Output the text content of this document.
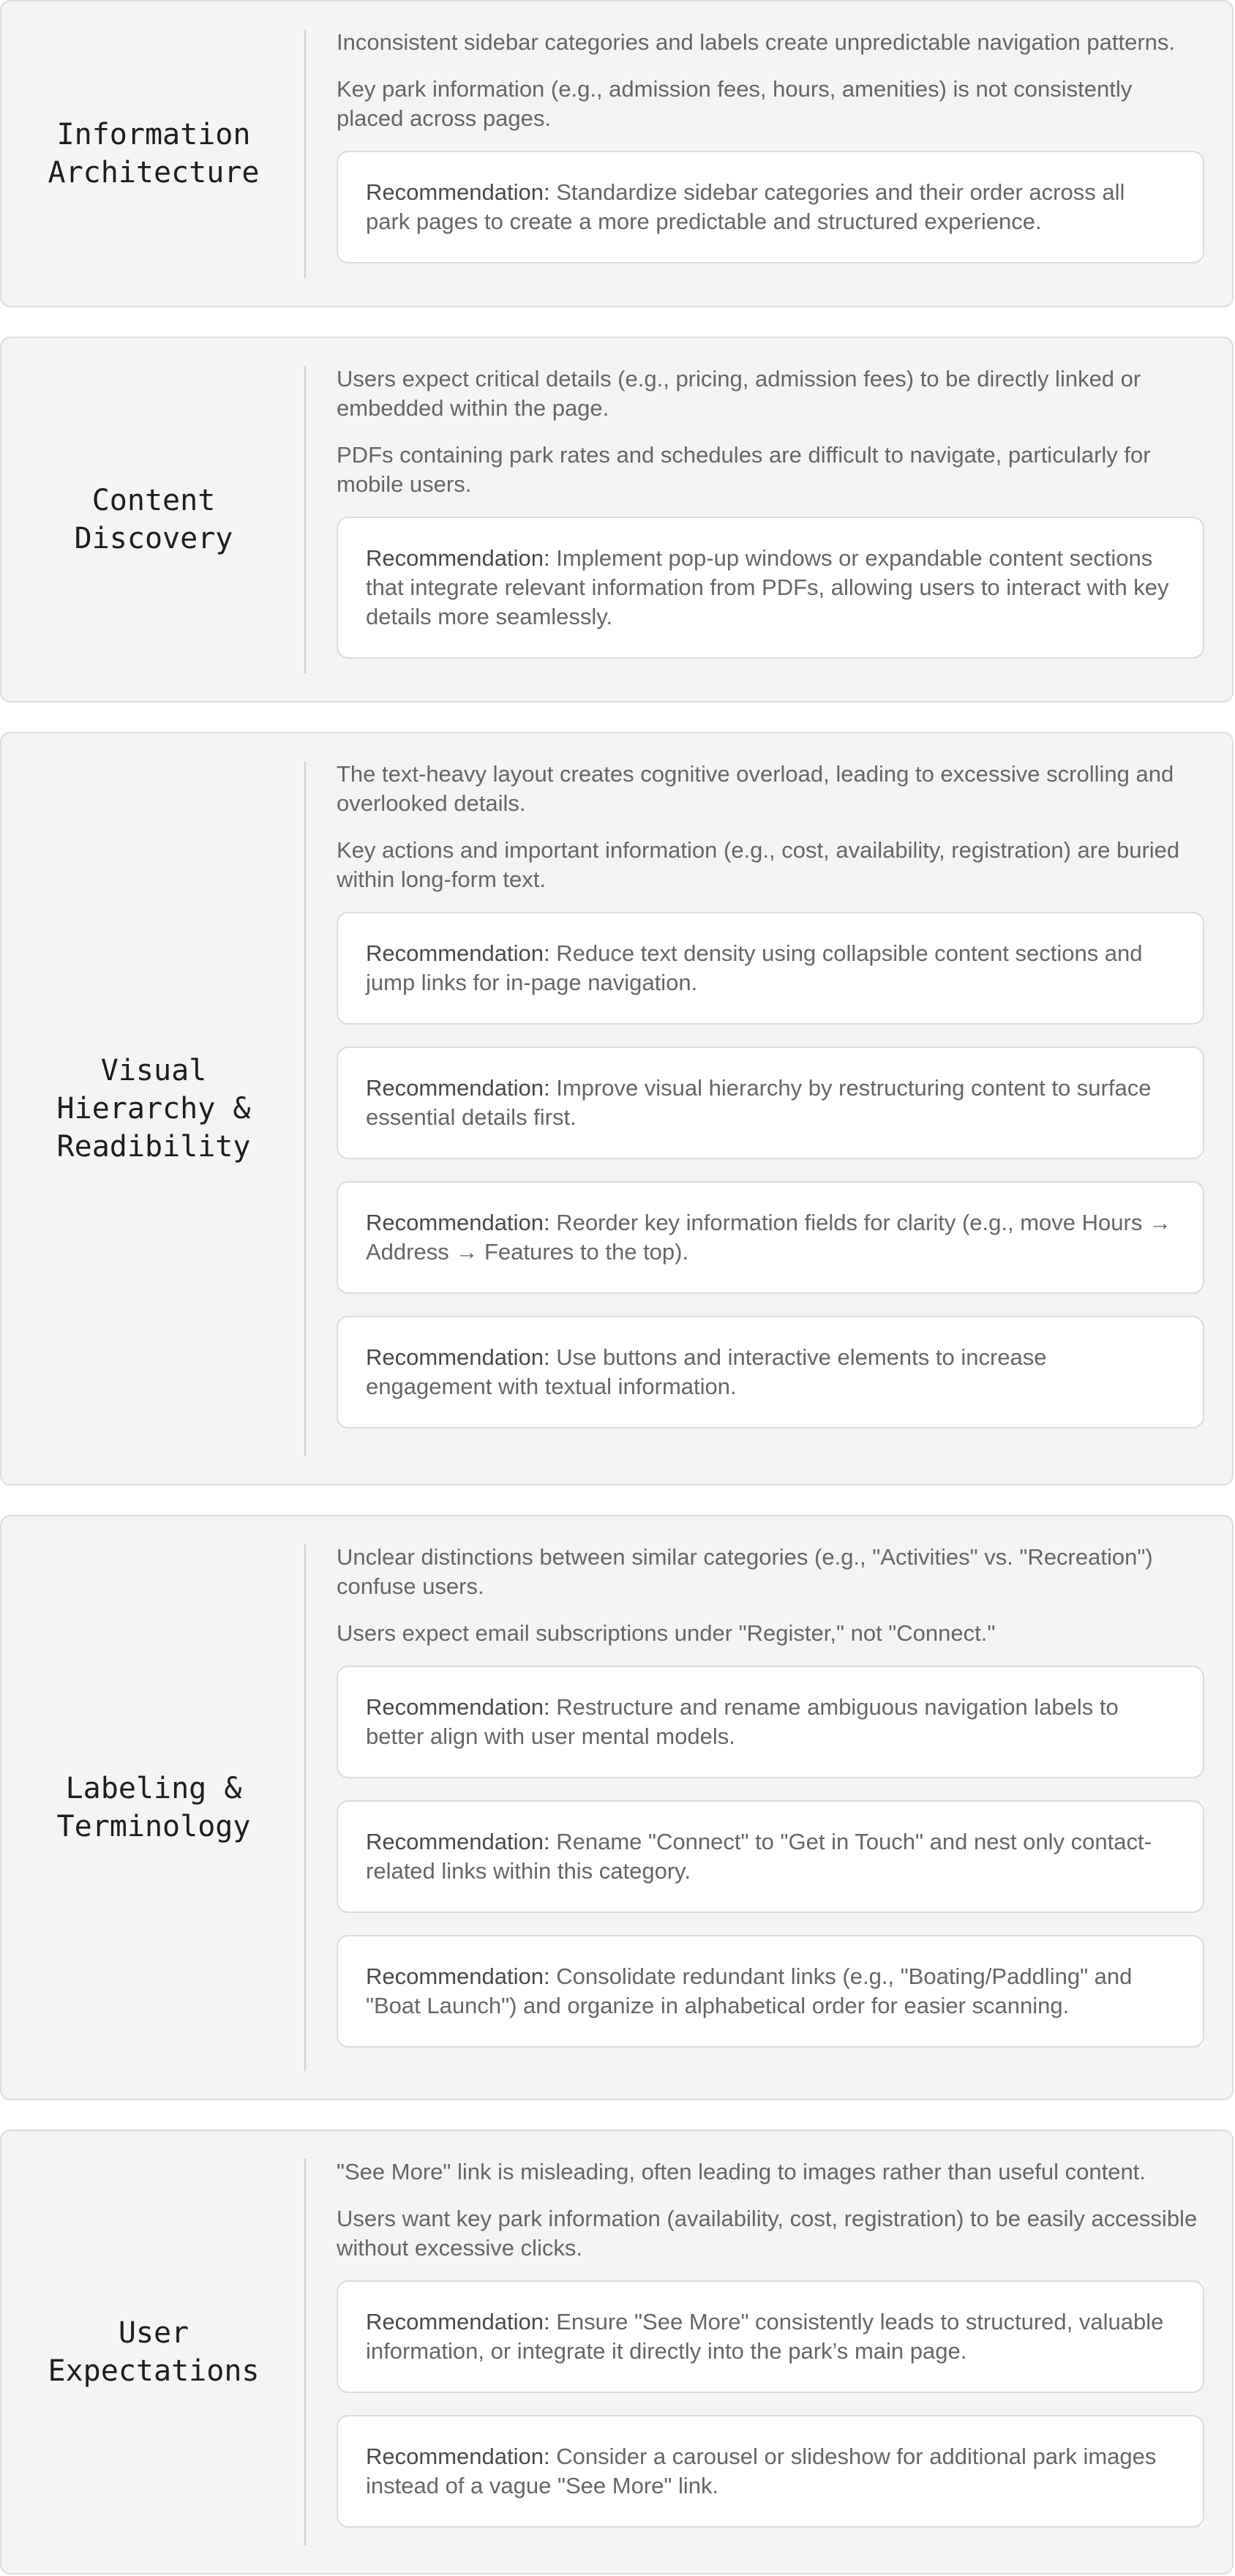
Information
Architecture

Inconsistent sidebar categories and labels create unpredictable navigation patterns.

Key park information (e.g., admission fees, hours, amenities) is not consistently placed across pages.

Recommendation: Standardize sidebar categories and their order across all park pages to create a more predictable and structured experience.
Content
Discovery

Users expect critical details (e.g., pricing, admission fees) to be directly linked or embedded within the page.

PDFs containing park rates and schedules are difficult to navigate, particularly for mobile users.

Recommendation: Implement pop-up windows or expandable content sections that integrate relevant information from PDFs, allowing users to interact with key details more seamlessly.
Visual
Hierarchy &
Readibility

The text-heavy layout creates cognitive overload, leading to excessive scrolling and overlooked details.

Key actions and important information (e.g., cost, availability, registration) are buried within long-form text.

Recommendation: Reduce text density using collapsible content sections and jump links for in-page navigation.
Recommendation: Improve visual hierarchy by restructuring content to surface essential details first.
Recommendation: Reorder key information fields for clarity (e.g., move Hours → Address → Features to the top).
Recommendation: Use buttons and interactive elements to increase engagement with textual information.
Labeling &
Terminology

Unclear distinctions between similar categories (e.g., "Activities" vs. "Recreation") confuse users.

Users expect email subscriptions under "Register," not "Connect."

Recommendation: Restructure and rename ambiguous navigation labels to better align with user mental models.
Recommendation: Rename "Connect" to "Get in Touch" and nest only contact-related links within this category.
Recommendation: Consolidate redundant links (e.g., "Boating/Paddling" and "Boat Launch") and organize in alphabetical order for easier scanning.
User
Expectations

"See More" link is misleading, often leading to images rather than useful content.

Users want key park information (availability, cost, registration) to be easily accessible without excessive clicks.

Recommendation: Ensure "See More" consistently leads to structured, valuable information, or integrate it directly into the park’s main page.
Recommendation: Consider a carousel or slideshow for additional park images instead of a vague "See More" link.
